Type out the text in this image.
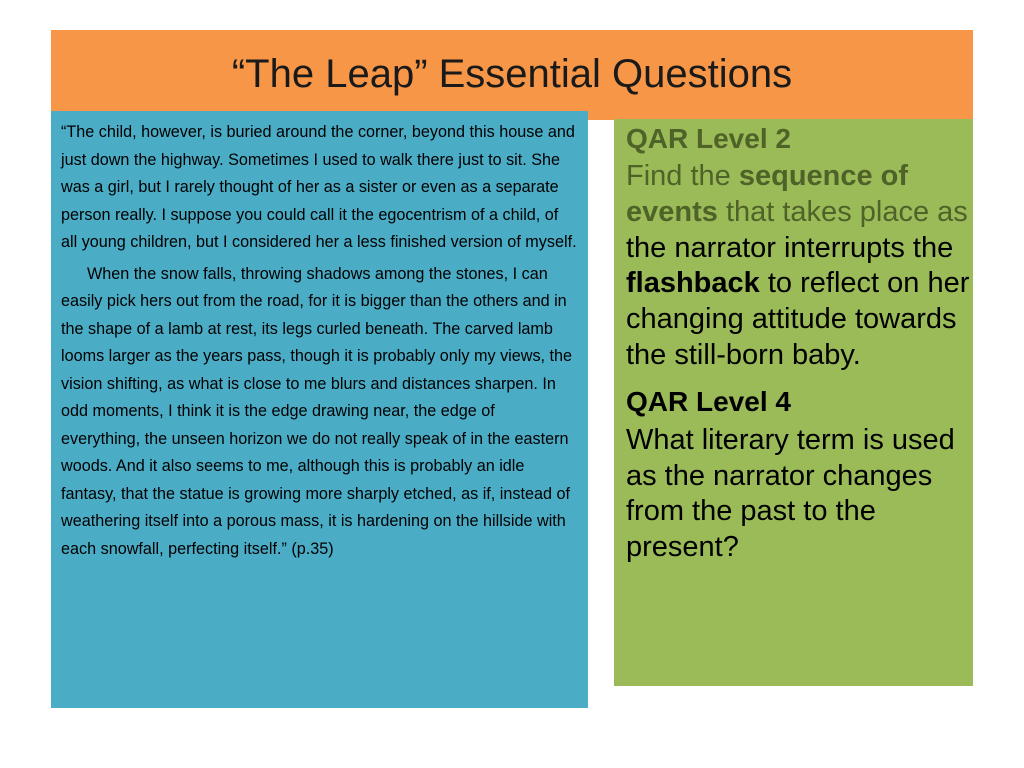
“The Leap” Essential Questions

“The child, however, is buried around the corner, beyond this house and just down the highway. Sometimes I used to walk there just to sit. She was a girl, but I rarely thought of her as a sister or even as a separate person really. I suppose you could call it the egocentrism of a child, of all young children, but I considered her a less finished version of myself.

When the snow falls, throwing shadows among the stones, I can easily pick hers out from the road, for it is bigger than the others and in the shape of a lamb at rest, its legs curled beneath. The carved lamb looms larger as the years pass, though it is probably only my views, the vision shifting, as what is close to me blurs and distances sharpen. In odd moments, I think it is the edge drawing near, the edge of everything, the unseen horizon we do not really speak of in the eastern woods. And it also seems to me, although this is probably an idle fantasy, that the statue is growing more sharply etched, as if, instead of weathering itself into a porous mass, it is hardening on the hillside with each snowfall, perfecting itself.” (p.35)

QAR Level 2
Find the sequence of events that takes place as the narrator interrupts the flashback to reflect on her changing attitude towards the still-born baby.
QAR Level 4
What literary term is used as the narrator changes from the past to the present?
